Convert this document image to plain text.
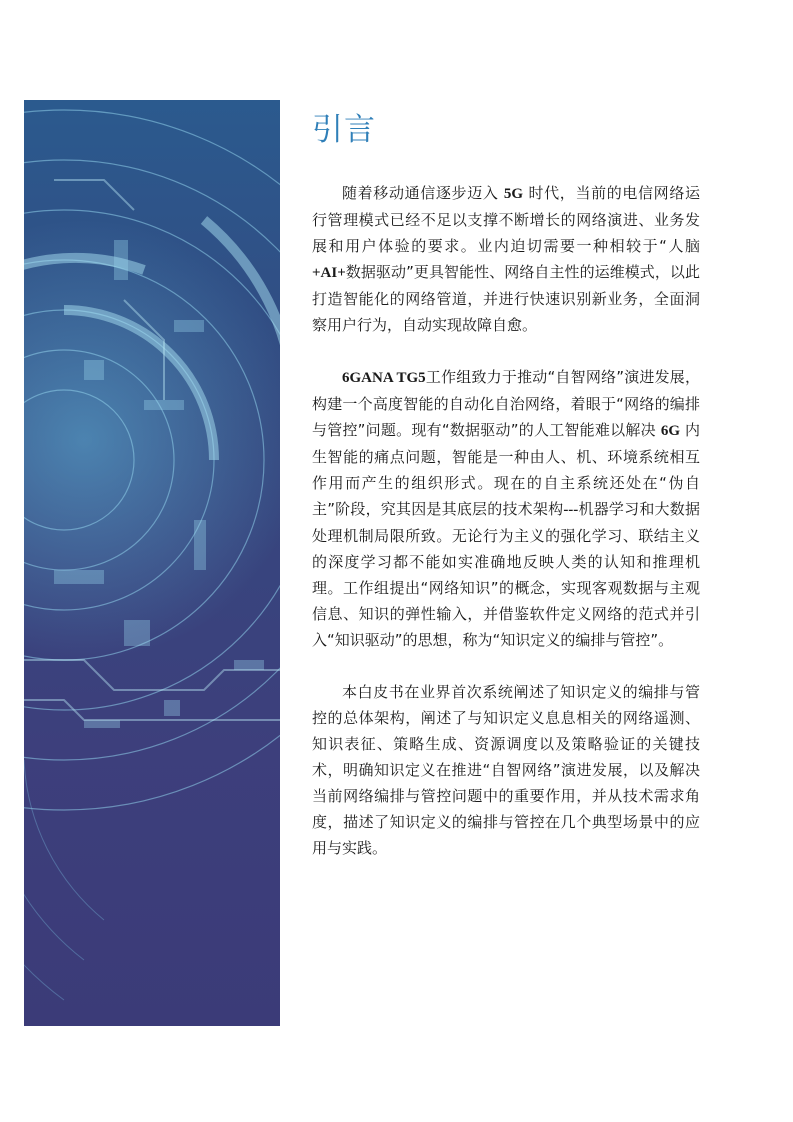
引言

随着移动通信逐步迈入 5G 时代，当前的电信网络运行管理模式已经不足以支撑不断增长的网络演进、业务发展和用户体验的要求。业内迫切需要一种相较于“人脑+AI+数据驱动”更具智能性、网络自主性的运维模式，以此打造智能化的网络管道，并进行快速识别新业务，全面洞察用户行为，自动实现故障自愈。

6GANA TG5工作组致力于推动“自智网络”演进发展，构建一个高度智能的自动化自治网络，着眼于“网络的编排与管控”问题。现有“数据驱动”的人工智能难以解决 6G 内生智能的痛点问题，智能是一种由人、机、环境系统相互作用而产生的组织形式。现在的自主系统还处在“伪自主”阶段，究其因是其底层的技术架构---机器学习和大数据处理机制局限所致。无论行为主义的强化学习、联结主义的深度学习都不能如实准确地反映人类的认知和推理机理。工作组提出“网络知识”的概念，实现客观数据与主观信息、知识的弹性输入，并借鉴软件定义网络的范式并引入“知识驱动”的思想，称为“知识定义的编排与管控”。

本白皮书在业界首次系统阐述了知识定义的编排与管控的总体架构，阐述了与知识定义息息相关的网络遥测、知识表征、策略生成、资源调度以及策略验证的关键技术，明确知识定义在推进“自智网络”演进发展，以及解决当前网络编排与管控问题中的重要作用，并从技术需求角度，描述了知识定义的编排与管控在几个典型场景中的应用与实践。
